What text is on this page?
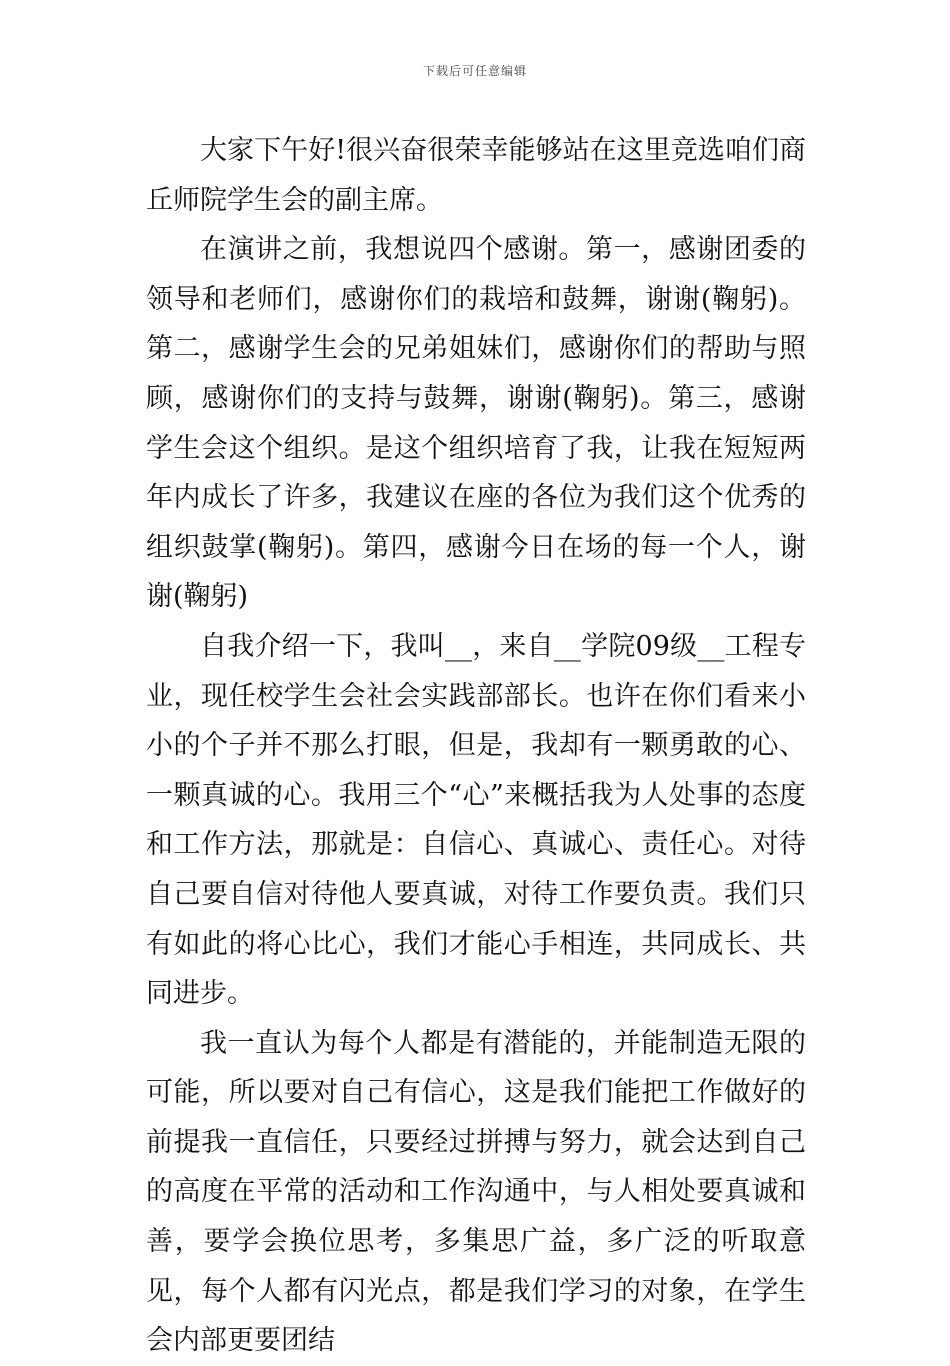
下载后可任意编辑

大家下午好!很兴奋很荣幸能够站在这里竞选咱们商丘师院学生会的副主席。

在演讲之前，我想说四个感谢。第一，感谢团委的领导和老师们，感谢你们的栽培和鼓舞，谢谢(鞠躬)。第二，感谢学生会的兄弟姐妹们，感谢你们的帮助与照顾，感谢你们的支持与鼓舞，谢谢(鞠躬)。第三，感谢学生会这个组织。是这个组织培育了我，让我在短短两年内成长了许多，我建议在座的各位为我们这个优秀的组织鼓掌(鞠躬)。第四，感谢今日在场的每一个人，谢谢(鞠躬)

自我介绍一下，我叫__，来自__学院09级__工程专业，现任校学生会社会实践部部长。也许在你们看来小小的个子并不那么打眼，但是，我却有一颗勇敢的心、一颗真诚的心。我用三个“心”来概括我为人处事的态度和工作方法，那就是：自信心、真诚心、责任心。对待自己要自信对待他人要真诚，对待工作要负责。我们只有如此的将心比心，我们才能心手相连，共同成长、共同进步。

我一直认为每个人都是有潜能的，并能制造无限的可能，所以要对自己有信心，这是我们能把工作做好的前提我一直信任，只要经过拼搏与努力，就会达到自己的高度在平常的活动和工作沟通中，与人相处要真诚和善，要学会换位思考，多集思广益，多广泛的听取意见，每个人都有闪光点，都是我们学习的对象，在学生会内部更要团结
